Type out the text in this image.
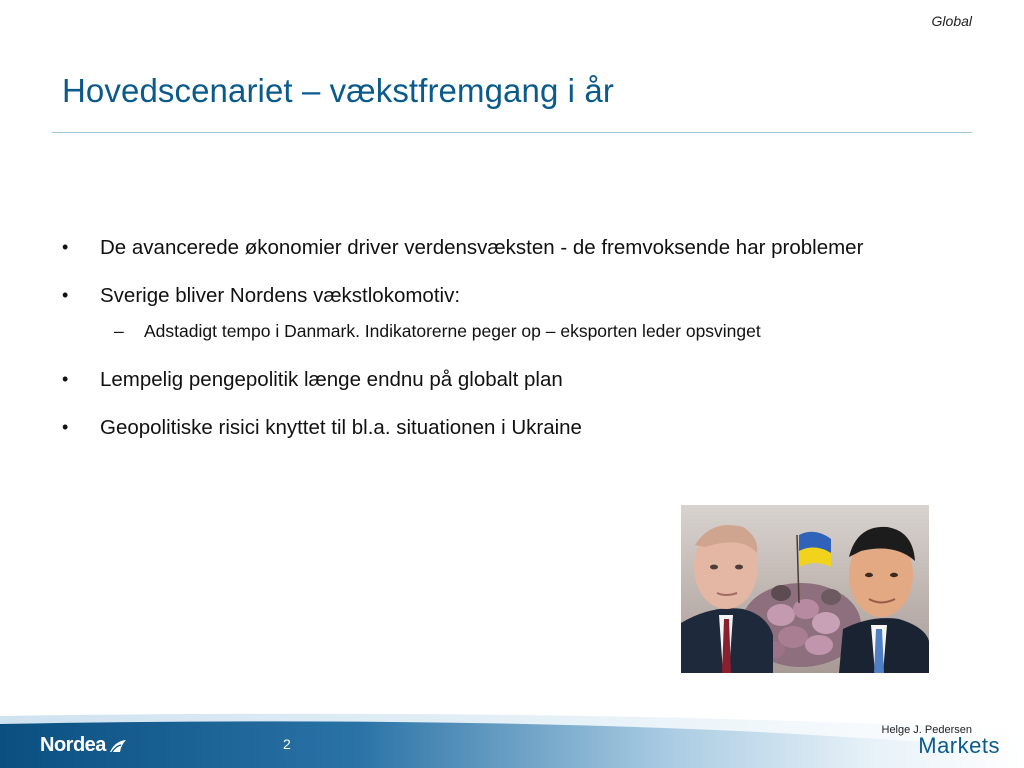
Global
Hovedscenariet – vækstfremgang i år
• De avancerede økonomier driver verdensvæksten - de fremvoksende har problemer
• Sverige bliver Nordens vækstlokomotiv:
– Adstadigt tempo i Danmark. Indikatorerne peger op – eksporten leder opsvinget
• Lempelig pengepolitik længe endnu på globalt plan
• Geopolitiske risici knyttet til bl.a. situationen i Ukraine
Nordea	2
Helge J. Pedersen
Markets
